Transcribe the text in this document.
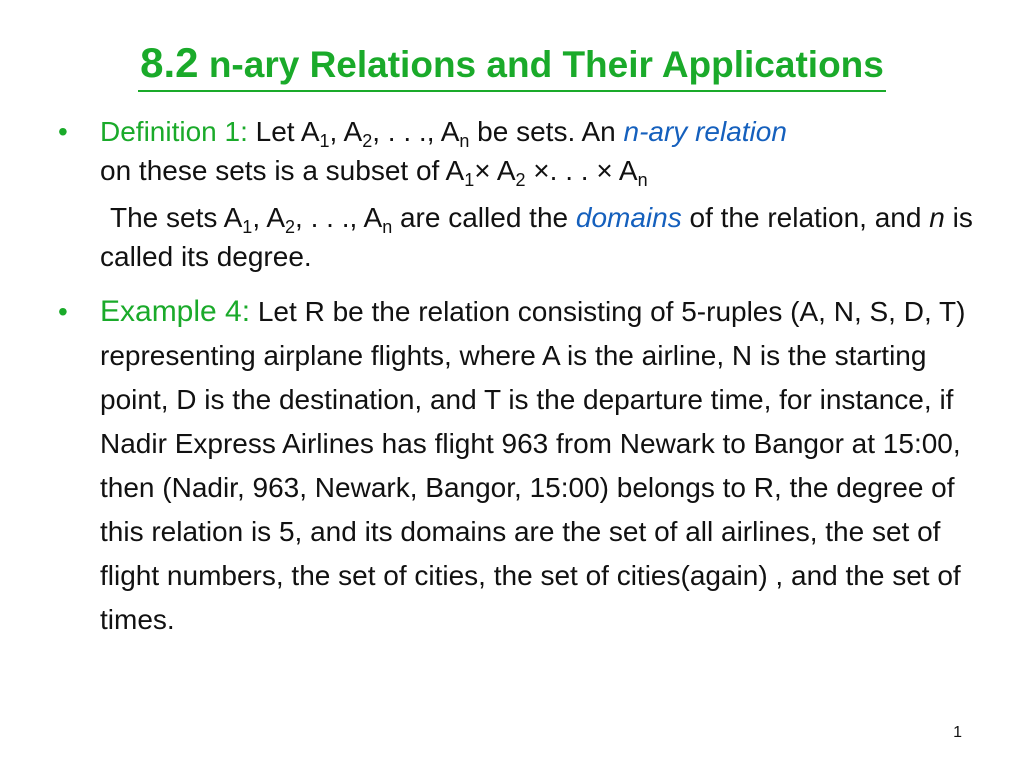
8.2 n-ary Relations and Their Applications
•	Definition 1: Let $A_1$, $A_2$, . . ., $A_n$ be sets. An n-ary relation
on these sets is a subset of $A_1\times A_2$ ×. . . × $A_n$
The sets $A_1$, $A_2$, . . ., $A_n$ are called the domains of the relation, and n is called its degree.
•	Example 4: Let R be the relation consisting of 5-ruples (A, N, S, D, T) representing airplane flights, where A is the airline, N is the starting point, D is the destination, and T is the departure time, for instance, if Nadir Express Airlines has flight 963 from Newark to Bangor at 15:00, then (Nadir, 963, Newark, Bangor, 15:00) belongs to R, the degree of this relation is 5, and its domains are the set of all airlines, the set of flight numbers, the set of cities, the set of cities(again) , and the set of times.
1
